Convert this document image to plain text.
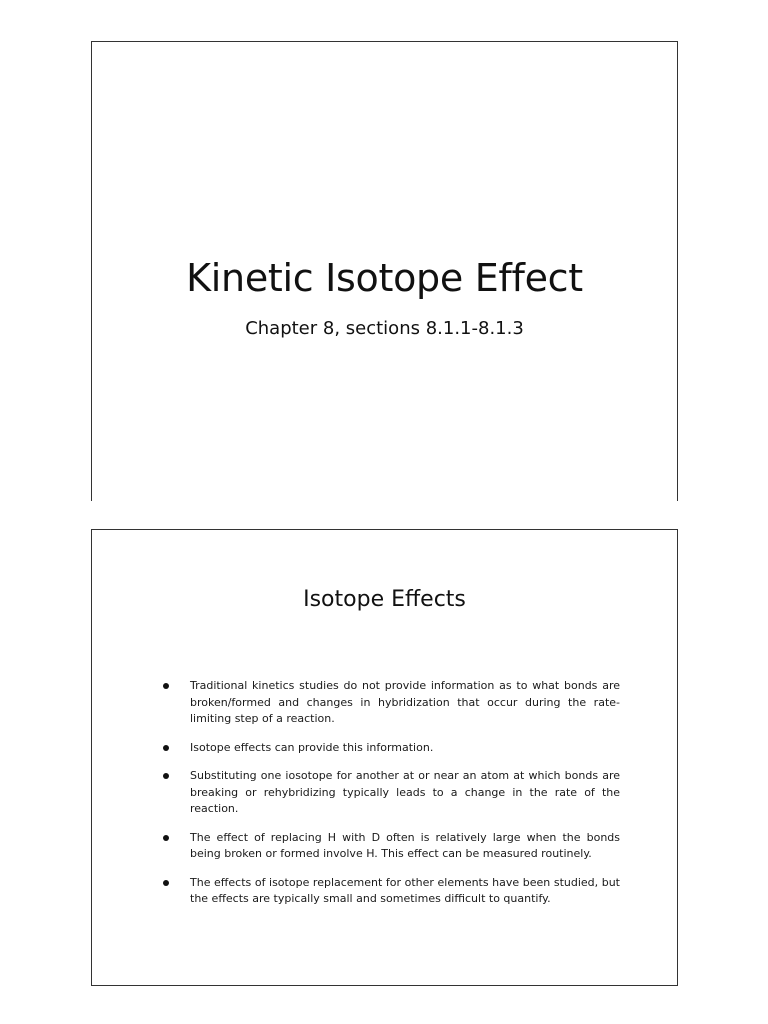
Kinetic Isotope Effect
Chapter 8, sections 8.1.1-8.1.3
Isotope Effects
Traditional kinetics studies do not provide information as to what bonds are broken/formed and changes in hybridization that occur during the rate-limiting step of a reaction.
Isotope effects can provide this information.
Substituting one iosotope for another at or near an atom at which bonds are breaking or rehybridizing typically leads to a change in the rate of the reaction.
The effect of replacing H with D often is relatively large when the bonds being broken or formed involve H. This effect can be measured routinely.
The effects of isotope replacement for other elements have been studied, but the effects are typically small and sometimes difficult to quantify.
